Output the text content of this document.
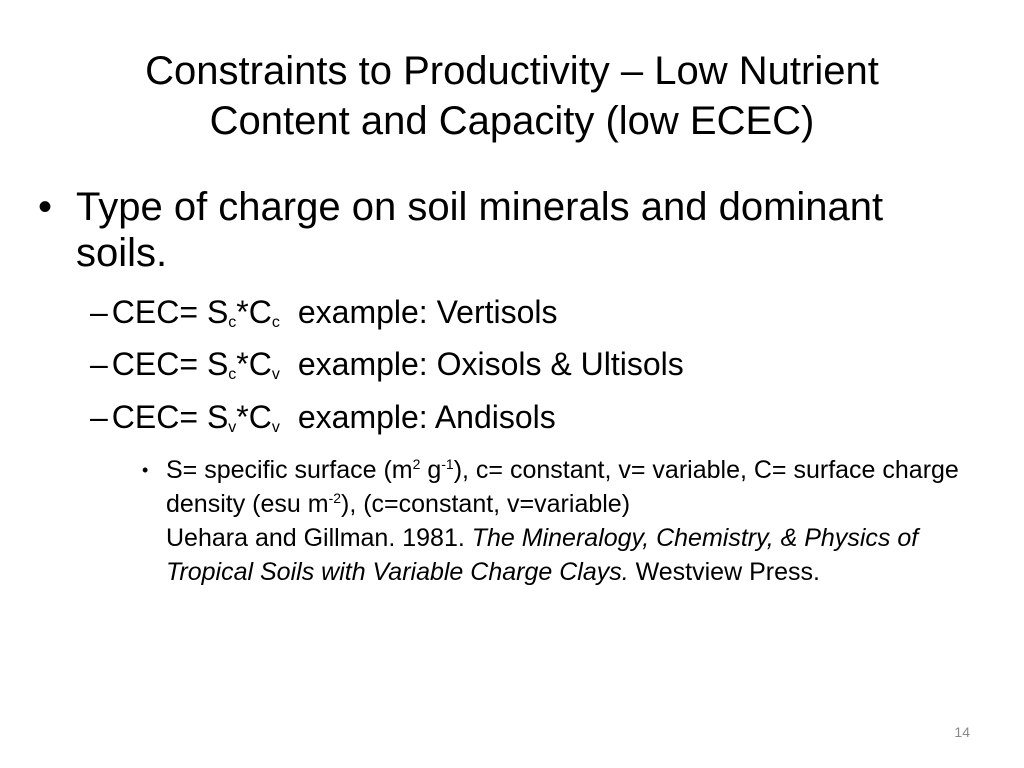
Constraints to Productivity – Low Nutrient
Content and Capacity (low ECEC)
• Type of charge on soil minerals and dominant soils.
– $CEC= S_c*C_c$ example: Vertisols
– $CEC= S_c*C_v$ example: Oxisols & Ultisols
– $CEC= S_v*C_v$ example: Andisols
• S= specific surface ($m^2$ $g^{-1}$), c= constant, v= variable, C= surface charge density (esu $m^{-2}$), (c=constant, v=variable)
Uehara and Gillman. 1981. The Mineralogy, Chemistry, & Physics of Tropical Soils with Variable Charge Clays. Westview Press.
14
